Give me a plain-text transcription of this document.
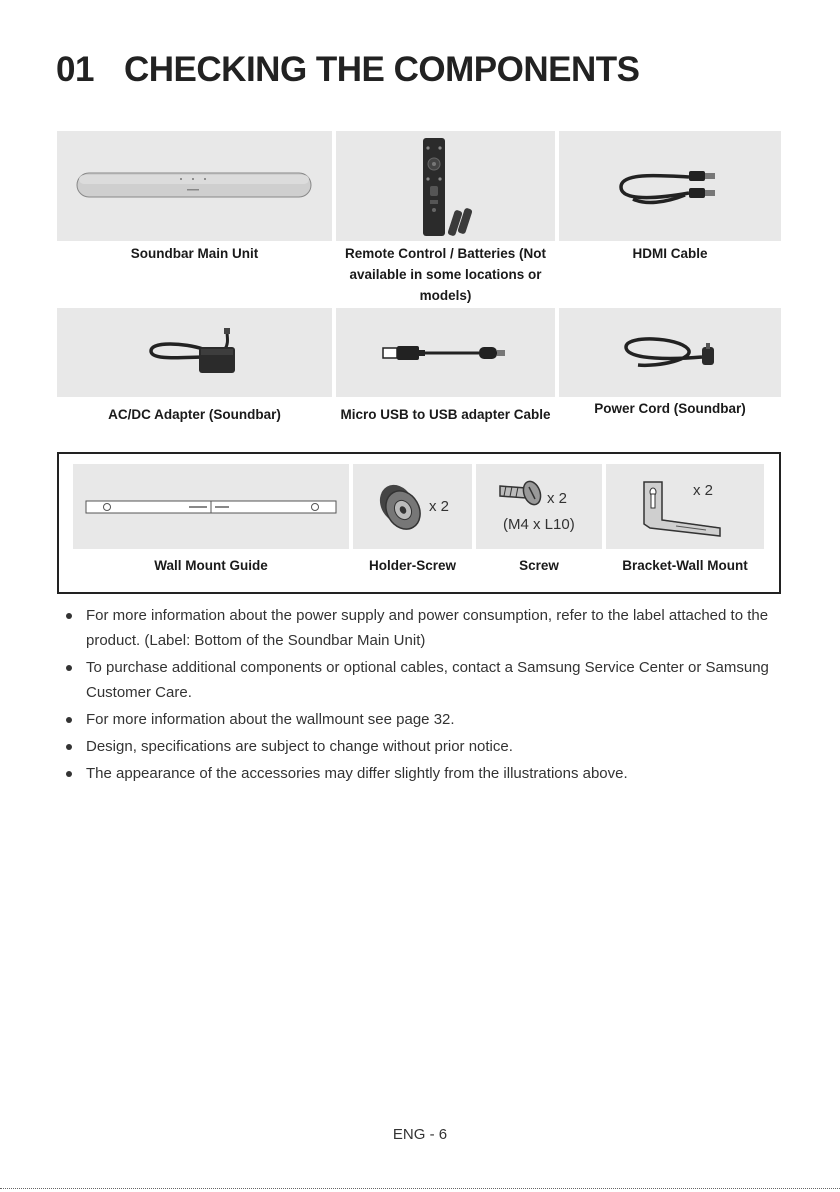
01 CHECKING THE COMPONENTS
Soundbar Main Unit	Remote Control / Batteries (Not available in some locations or models)
HDMI Cable
AC/DC Adapter (Soundbar)	Micro USB to USB adapter Cable	Power Cord (Soundbar)
Wall Mount Guide
x 2
Holder-Screw
x 2
(M4 x L10)
Screw
x 2
Bracket-Wall Mount
For more information about the power supply and power consumption, refer to the label attached to the product. (Label: Bottom of the Soundbar Main Unit)
To purchase additional components or optional cables, contact a Samsung Service Center or Samsung Customer Care.
For more information about the wallmount see page 32.
Design, specifications are subject to change without prior notice.
The appearance of the accessories may differ slightly from the illustrations above.
ENG - 6
